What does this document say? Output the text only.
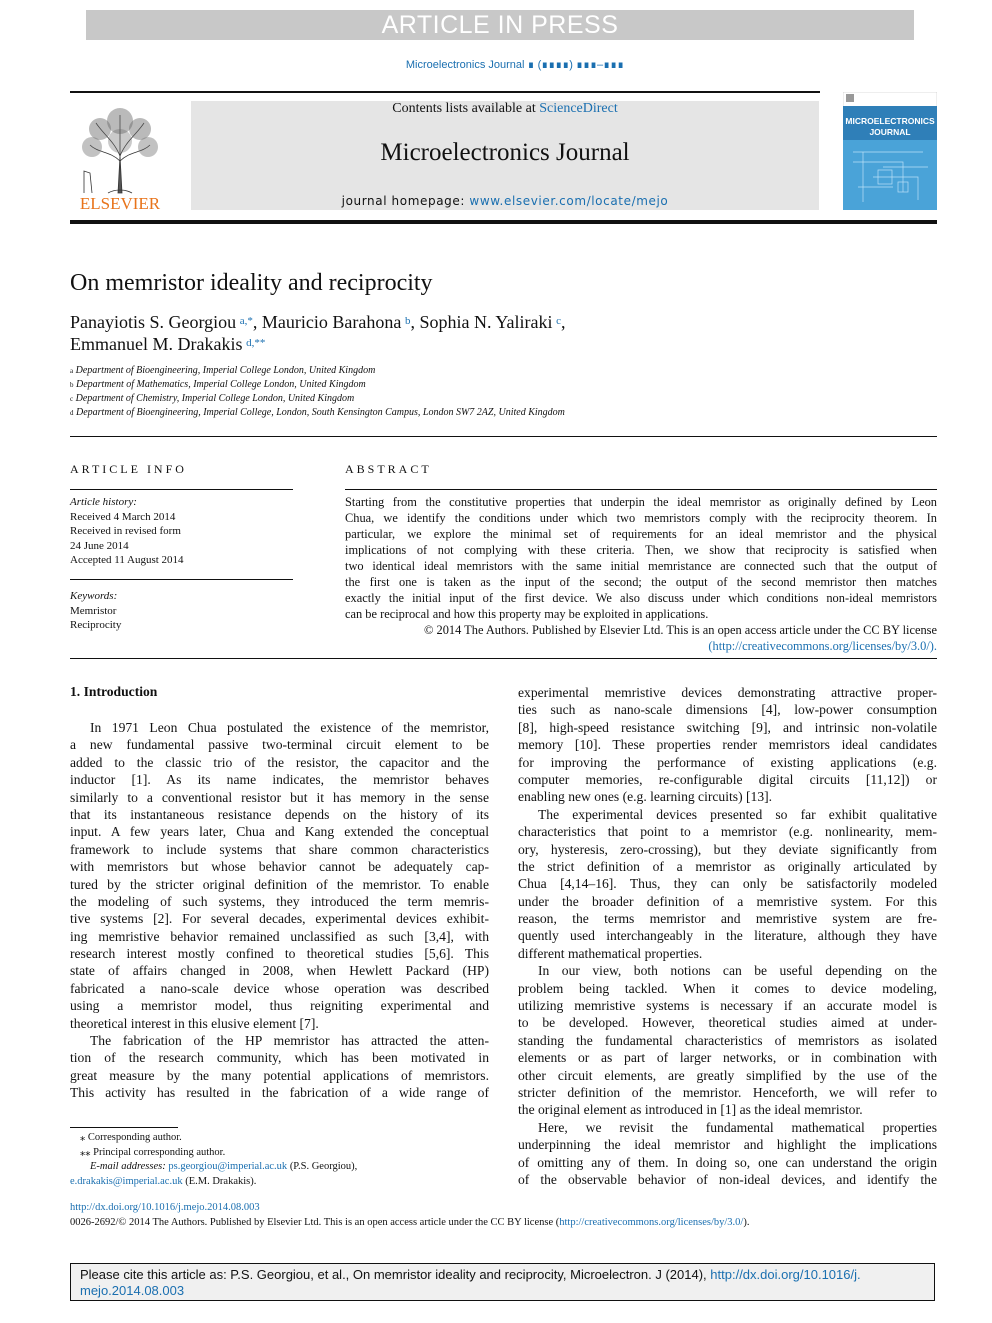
ARTICLE IN PRESS
Microelectronics Journal ∎ (∎∎∎∎) ∎∎∎–∎∎∎
ELSEVIER
Contents lists available at ScienceDirect
Microelectronics Journal
journal homepage: www.elsevier.com/locate/mejo
MICROELECTRONICS
JOURNAL
On memristor ideality and reciprocity
Panayiotis S. Georgiou  $^{a,*}$, Mauricio Barahona  $^b$, Sophia N. Yaliraki  $^c$,
Emmanuel M. Drakakis  $^{d,**}$
$^a$ Department of Bioengineering, Imperial College London, United Kingdom
$^b$ Department of Mathematics, Imperial College London, United Kingdom
$^c$ Department of Chemistry, Imperial College London, United Kingdom
$^d$ Department of Bioengineering, Imperial College, London, South Kensington Campus, London SW7 2AZ, United Kingdom
ARTICLE INFO
Article history:
Received 4 March 2014
Received in revised form
24 June 2014
Accepted 11 August 2014
Keywords:
Memristor
Reciprocity
ABSTRACT
Starting from the constitutive properties that underpin the ideal memristor as originally defined by Leon
Chua, we identify the conditions under which two memristors comply with the reciprocity theorem. In
particular, we explore the minimal set of requirements for an ideal memristor and the physical
implications of not complying with these criteria. Then, we show that reciprocity is satisfied when
two identical ideal memristors with the same initial memristance are connected such that the output of
the first one is taken as the input of the second; the output of the second memristor then matches
exactly the initial input of the first device. We also discuss under which conditions non-ideal memristors
can be reciprocal and how this property may be exploited in applications.
© 2014 The Authors. Published by Elsevier Ltd. This is an open access article under the CC BY license
(http://creativecommons.org/licenses/by/3.0/).
1. Introduction
In 1971 Leon Chua postulated the existence of the memristor,
a new fundamental passive two-terminal circuit element to be
added to the classic trio of the resistor, the capacitor and the
inductor [1]. As its name indicates, the memristor behaves
similarly to a conventional resistor but it has memory in the sense
that its instantaneous resistance depends on the history of its
input. A few years later, Chua and Kang extended the conceptual
framework to include systems that share common characteristics
with memristors but whose behavior cannot be adequately cap-
tured by the stricter original definition of the memristor. To enable
the modeling of such systems, they introduced the term memris-
tive systems [2]. For several decades, experimental devices exhibit-
ing memristive behavior remained unclassified as such [3,4], with
research interest mostly confined to theoretical studies [5,6]. This
state of affairs changed in 2008, when Hewlett Packard (HP)
fabricated a nano-scale device whose operation was described
using a memristor model, thus reigniting experimental and
theoretical interest in this elusive element [7].
The fabrication of the HP memristor has attracted the atten-
tion of the research community, which has been motivated in
great measure by the many potential applications of memristors.
This activity has resulted in the fabrication of a wide range of
experimental memristive devices demonstrating attractive proper-
ties such as nano-scale dimensions [4], low-power consumption
[8], high-speed resistance switching [9], and intrinsic non-volatile
memory [10]. These properties render memristors ideal candidates
for improving the performance of existing applications (e.g.
computer memories, re-configurable digital circuits [11,12]) or
enabling new ones (e.g. learning circuits) [13].
The experimental devices presented so far exhibit qualitative
characteristics that point to a memristor (e.g. nonlinearity, mem-
ory, hysteresis, zero-crossing), but they deviate significantly from
the strict definition of a memristor as originally articulated by
Chua [4,14–16]. Thus, they can only be satisfactorily modeled
under the broader definition of a memristive system. For this
reason, the terms memristor and memristive system are fre-
quently used interchangeably in the literature, although they have
different mathematical properties.
In our view, both notions can be useful depending on the
problem being tackled. When it comes to device modeling,
utilizing memristive systems is necessary if an accurate model is
to be developed. However, theoretical studies aimed at under-
standing the fundamental characteristics of memristors as isolated
elements or as part of larger networks, or in combination with
other circuit elements, are greatly simplified by the use of the
stricter definition of the memristor. Henceforth, we will refer to
the original element as introduced in [1] as the ideal memristor.
Here, we revisit the fundamental mathematical properties
underpinning the ideal memristor and highlight the implications
of omitting any of them. In doing so, one can understand the origin
of the observable behavior of non-ideal devices, and identify the
⁎ Corresponding author.
⁎⁎ Principal corresponding author.
E-mail addresses: ps.georgiou@imperial.ac.uk (P.S. Georgiou),
e.drakakis@imperial.ac.uk (E.M. Drakakis).
http://dx.doi.org/10.1016/j.mejo.2014.08.003
0026-2692/© 2014 The Authors. Published by Elsevier Ltd. This is an open access article under the CC BY license (http://creativecommons.org/licenses/by/3.0/).
Please cite this article as: P.S. Georgiou, et al., On memristor ideality and reciprocity, Microelectron. J (2014), http://dx.doi.org/10.1016/j.
mejo.2014.08.003
